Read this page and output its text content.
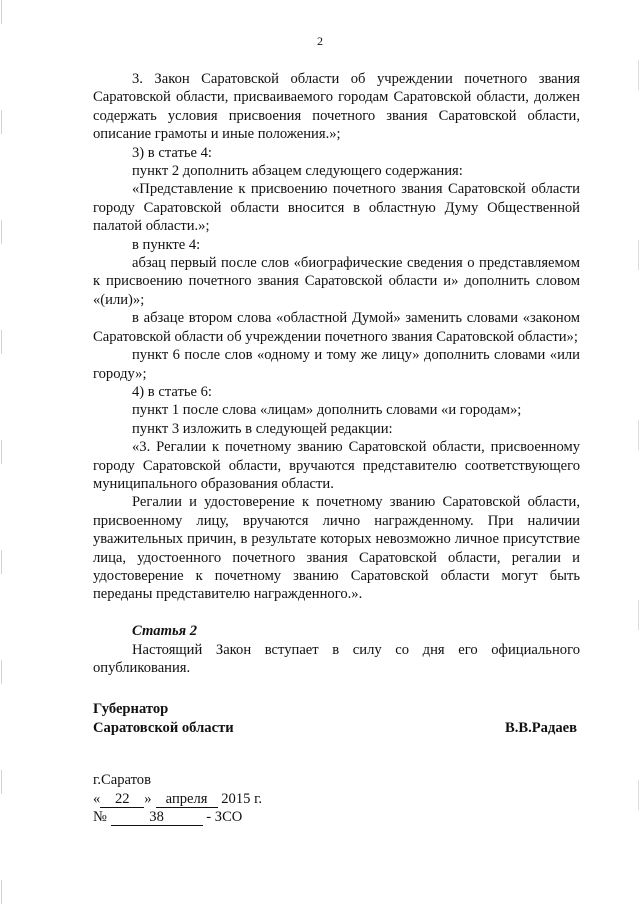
2

3. Закон Саратовской области об учреждении почетного звания Саратовской области, присваиваемого городам Саратовской области, должен содержать условия присвоения почетного звания Саратовской области, описание грамоты и иные положения.»;

3) в статье 4:

пункт 2 дополнить абзацем следующего содержания:

«Представление к присвоению почетного звания Саратовской области городу Саратовской области вносится в областную Думу Общественной палатой области.»;

в пункте 4:

абзац первый после слов «биографические сведения о представляемом к присвоению почетного звания Саратовской области и» дополнить словом «(или)»;

в абзаце втором слова «областной Думой» заменить словами «законом Саратовской области об учреждении почетного звания Саратовской области»;

пункт 6 после слов «одному и тому же лицу» дополнить словами «или городу»;

4) в статье 6:

пункт 1 после слова «лицам» дополнить словами «и городам»;

пункт 3 изложить в следующей редакции:

«3. Регалии к почетному званию Саратовской области, присвоенному городу Саратовской области, вручаются представителю соответствующего муниципального образования области.

Регалии и удостоверение к почетному званию Саратовской области, присвоенному лицу, вручаются лично награжденному. При наличии уважительных причин, в результате которых невозможно личное присутствие лица, удостоенного почетного звания Саратовской области, регалии и удостоверение к почетному званию Саратовской области могут быть переданы представителю награжденного.».

Статья 2

Настоящий Закон вступает в силу со дня его официального опубликования.

Губернатор
Саратовской области	В.В.Радаев
г.Саратов
« 22 » апреля 2015 г.
№	38	- ЗСО
